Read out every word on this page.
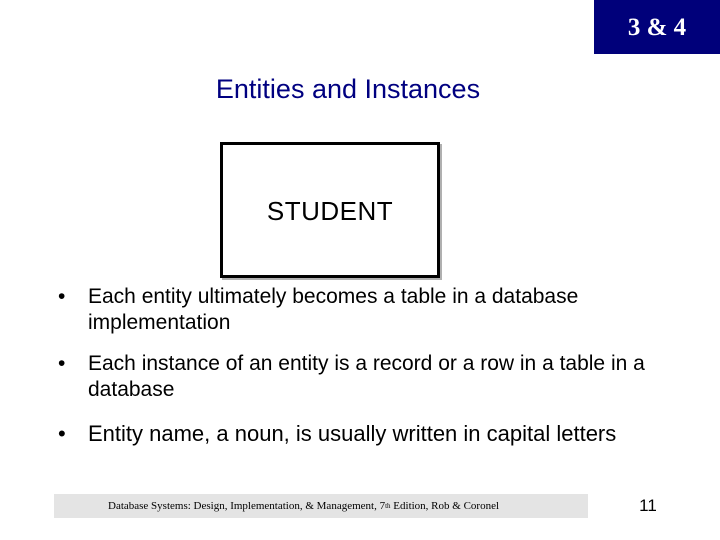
3 & 4
Entities and Instances
STUDENT
• Each entity ultimately becomes a table in a database implementation
• Each instance of an entity is a record or a row in a table in a database
• Entity name, a noun, is usually written in capital letters
Database Systems: Design, Implementation, & Management, 7 th Edition, Rob & Coronel	11
